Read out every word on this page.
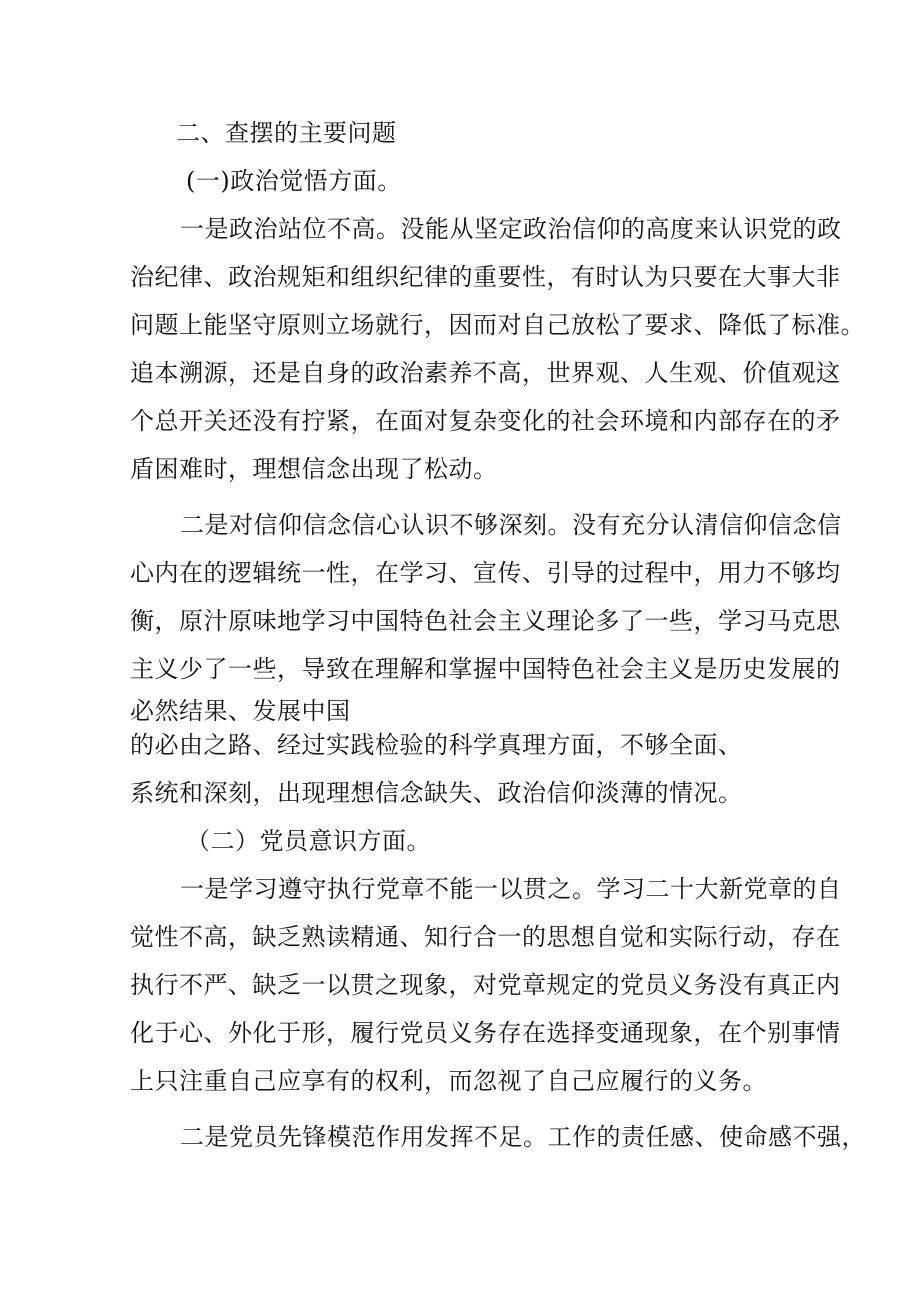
二、查摆的主要问题
(一)政治觉悟方面。
一是政治站位不高。没能从坚定政治信仰的高度来认识党的政
治纪律、政治规矩和组织纪律的重要性，有时认为只要在大事大非
问题上能坚守原则立场就行，因而对自己放松了要求、降低了标准。
追本溯源，还是自身的政治素养不高，世界观、人生观、价值观这
个总开关还没有拧紧，在面对复杂变化的社会环境和内部存在的矛
盾困难时，理想信念出现了松动。
二是对信仰信念信心认识不够深刻。没有充分认清信仰信念信
心内在的逻辑统一性，在学习、宣传、引导的过程中，用力不够均
衡，原汁原味地学习中国特色社会主义理论多了一些，学习马克思
主义少了一些，导致在理解和掌握中国特色社会主义是历史发展的
必然结果、发展中国
的必由之路、经过实践检验的科学真理方面，不够全面、
系统和深刻，出现理想信念缺失、政治信仰淡薄的情况。
（二）党员意识方面。
一是学习遵守执行党章不能一以贯之。学习二十大新党章的自
觉性不高，缺乏熟读精通、知行合一的思想自觉和实际行动，存在
执行不严、缺乏一以贯之现象，对党章规定的党员义务没有真正内
化于心、外化于形，履行党员义务存在选择变通现象，在个别事情
上只注重自己应享有的权利，而忽视了自己应履行的义务。
二是党员先锋模范作用发挥不足。工作的责任感、使命感不强，
